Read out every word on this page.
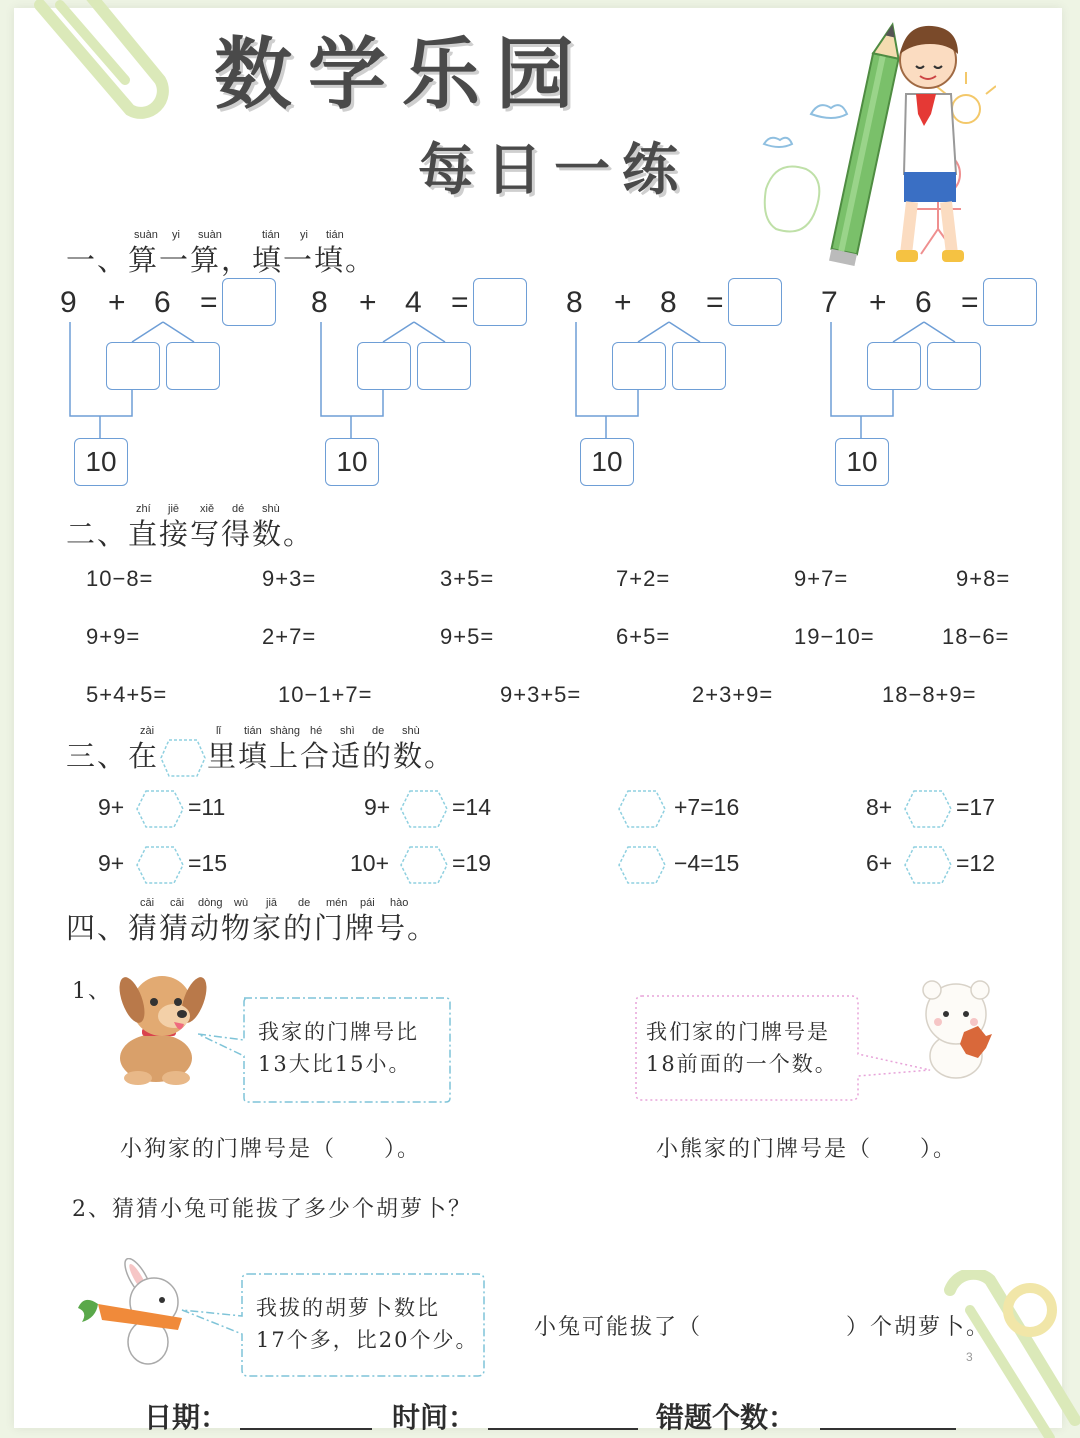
数学乐园
每日一练
一、算一算，填一填。
suàn yi suàn	tián yi tián
9 + 6 =
10
8 + 4 =
10
8 + 8 =
10
7 + 6 =
10
二、直接写得数。
zhí jiē xiě dé shù
10−8=	9+3=	3+5=	7+2=	9+7=	9+8=
9+9=	2+7=	9+5=	6+5=	19−10=	18−6=
5+4+5=	10−1+7=	9+3+5=	2+3+9=	18−8+9=
三、在 里填上合适的数。
zài	lǐ tián shàng hé shì de shù
9+	=11	9+	=14	+7=16	8+	=17
9+	=15	10+	=19	−4=15	6+	=12
四、猜猜动物家的门牌号。
cāi cāi dòng wù jiā de mén pái hào
1、
我家的门牌号比
13大比15小。
我们家的门牌号是
18前面的一个数。
小狗家的门牌号是（　　）。	小熊家的门牌号是（　　）。
2、猜猜小兔可能拔了多少个胡萝卜？
我拔的胡萝卜数比
17个多，比20个少。	小兔可能拔了（　　　　　　）个胡萝卜。
3
日期：	时间：	错题个数：
